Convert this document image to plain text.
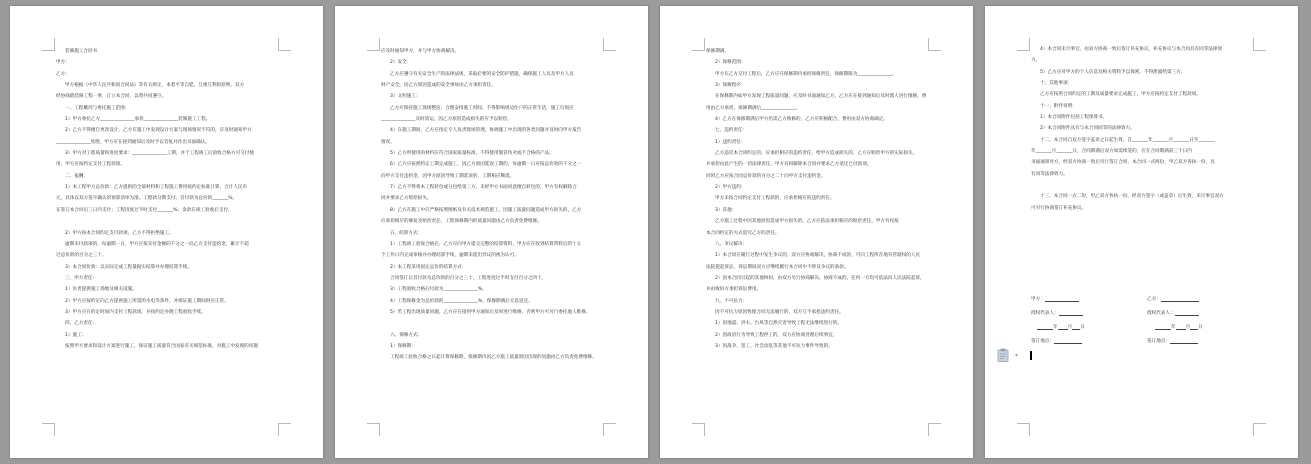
装修施工合同书

甲方：

乙方：

甲方根据《中华人民共和国合同法》等有关规定，本着平等自愿、互惠互利的原则，双方

经协商就装修工程一事，订立本合同，以资共同遵守。

一、工程概况与委托施工范围：

1）甲方委托乙方_______________承担_______________装修施工工程。

2）乙方不得擅自更改设计，乙方在施工中发现设计方案与现场情况不符的，应及时通知甲方

_______________处理，甲方应在接到通知后及时予以答复并作出书面确认。

3）甲方对工程质量和进度要求：_______________工期，并于工程竣工后验收合格方可交付使

用，甲方应按约定支付工程款项。

二、报酬：

1）本工程甲方总价款：乙方提供的全部材料和工程施工费用按约定标准计算，合计人民币

元，具体以双方签字确认的预算清单为准。工程款分期支付，首付款为总价的_______%，

在签订本合同后三日内支付；工程进度过半时支付_______%；余款在竣工验收后支付，

2）甲方按本合同约定支付款项，乙方不得拒绝施工。

逾期未付款项的，每逾期一日，甲方应按未付金额的千分之一向乙方支付违约金，累计不超

过总价款的百分之三十。

3）本合同价款：以实际完成工程量据实结算并办理结算手续。

三、甲方责任：

1）负责提供施工场地及相关设施。

2）甲方应按约定向乙方提供施工所需的水电等条件，并保证施工期间供应正常。

3）甲方应在约定时间内支付工程款项，并按约定办理工程验收手续。

四、乙方责任：

1）施工：

按照甲方要求和设计方案进行施工，保证施工质量符合国家有关规范标准，对施工中发现的问题

应及时通知甲方，并与甲方协商解决。

2）安全：

乙方应遵守有关安全生产的法律法规，采取必要的安全防护措施，确保施工人员及甲方人员

财产安全，因乙方原因造成的安全事故由乙方承担责任。

3）文明施工：

乙方应保持施工现场整洁，合理安排施工时间，不得影响周边住户的正常生活，施工垃圾应

_______________及时清运，因乙方原因造成损失的应予以赔偿。

4）在施工期间，乙方应指定专人负责现场管理，协调施工中出现的各类问题并及时向甲方报告

情况。

5）乙方所使用的材料应符合国家质量标准，不得使用假冒伪劣或不合格的产品。

6）乙方应按照约定工期完成施工，因乙方原因延误工期的，每逾期一日应按总价款的千分之一

向甲方支付违约金，因甲方原因导致工期延误的，工期相应顺延。

7）乙方不得将本工程转包或分包给第三方，未经甲方书面同意擅自转包的，甲方有权解除合

同并要求乙方赔偿损失。

8）乙方在施工中应严格按照图纸及有关技术规范施工，因施工质量问题造成甲方损失的，乙方

应承担相应的修复及赔偿责任，工程保修期内的质量问题由乙方负责免费维修。

五、结算方式：

1）工程竣工验收合格后，乙方应向甲方提交完整的结算资料，甲方应在收到结算资料后的十五

个工作日内完成审核并办理结算手续，逾期未提出异议的视为认可。

2）本工程采用固定总价的结算方式：

合同签订后首付款为总价款的百分之三十，工程进度过半时支付百分之四十。

3）工程验收合格后付款为_______________%。

4）工程保修金为总价款的_______________%，保修期满后无息返还。

5）若工程出现质量问题，乙方应在接到甲方通知后及时进行维修，否则甲方可另行委托他人维修。

六、保修方式：

1）保修期：

工程竣工验收合格之日起计算保修期，保修期内因乙方施工质量原因出现的问题由乙方负责免费维修。

保修期满。

2）保修范围：

甲方在乙方交付工程后，乙方应在保修期内承担保修责任，保修期限为_______________。

3）保修程序：

在保修期内如甲方发现工程质量问题，应及时书面通知乙方，乙方应在接到通知后及时派人进行维修，费

用由乙方承担，保修期满后_______________。

4）乙方在保修期满后甲方仍需乙方维修的，乙方应积极配合，费用由双方协商确定。

七、违约责任：

1）违约责任：

乙方违反本合同约定的，应承担相应的违约责任，给甲方造成损失的，乙方应赔偿甲方的实际损失，

并承担由此产生的一切法律责任，甲方有权解除本合同并要求乙方退还已付款项，

同时乙方应按合同总价款的百分之二十向甲方支付违约金。

2）甲方违约：

甲方未按合同约定支付工程款的，应承担相应的违约责任。

3）其他：

乙方施工过程中因其他原因造成甲方损失的，乙方应依法承担相应的赔偿责任，甲方有权按

本合同约定的方式追究乙方的责任。

八、争议解决：

1）本合同在履行过程中发生争议的，双方应协商解决，协商不成的，可向工程所在地有管辖权的人民

法院提起诉讼，诉讼期间双方应继续履行本合同中不涉及争议的条款。

2）因本合同引起的其他纠纷，由双方另行协商解决，协商不成的，任何一方均可依法向人民法院起诉，

并由败诉方承担诉讼费用。

九、不可抗力：

因不可抗力原因致使合同无法履行的，双方互不承担违约责任。

1）因地震、洪水、台风等自然灾害导致工程无法继续进行的。

2）因政府行为导致工程停工的，双方应协商处理后续事宜。

3）因战争、罢工、社会动乱等其他不可抗力事件导致的。

4）本合同未尽事宜，由双方协商一致后签订补充协议，补充协议与本合同具有同等法律效

力。

5）乙方应对甲方的个人信息及相关资料予以保密，不得泄露给第三方。

十、其他事项：

乙方应按照合同约定的工期及质量要求完成施工，甲方应按约定支付工程款项。

十一、附件说明：

1）本合同附件包括工程预算书。

2）本合同附件具有与本合同同等的法律效力。

十二、本合同自双方签字盖章之日起生效，自_______年_______月_______日至_______

年_______月_______日，合同期满后双方如需续签的，应在合同期满前三十日内

书面通知对方，经双方协商一致后另行签订合同，本合同一式两份，甲乙双方各执一份，具

有同等法律效力。

十三、本合同一式二份，甲乙双方各执一份，经双方签字（或盖章）后生效，未尽事宜双方

可另行协商签订补充协议。

甲方：	乙方：
授权代表人：	授权代表人：
年 月 日	年 月 日
签订地点：	签订地点：
▾
